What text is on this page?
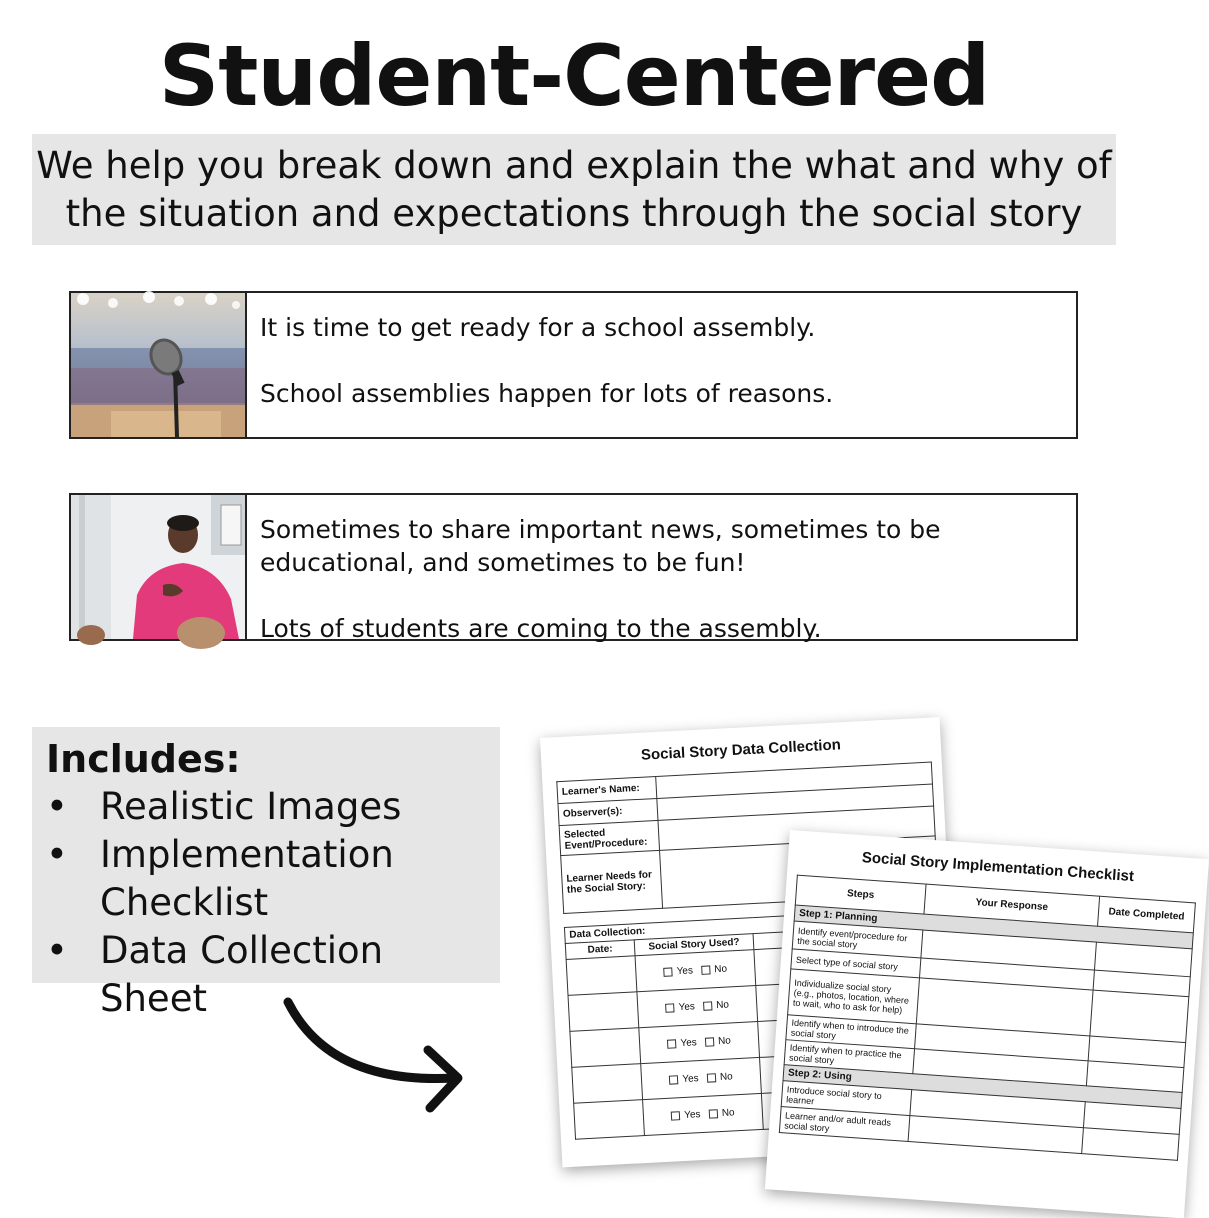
Student-Centered

We help you break down and explain the what and why of
the situation and expectations through the social story

It is time to get ready for a school assembly.

School assemblies happen for lots of reasons.

Sometimes to share important news, sometimes to be educational, and sometimes to be fun!

Lots of students are coming to the assembly.

Includes:
• Realistic Images
• Implementation Checklist
• Data Collection Sheet
Social Story Data Collection
Learner's Name:	
Observer(s):	
Selected Event/Procedure:	
Learner Needs for the Social Story:	
Data Collection:		
Date:	Social Story Used?	
	Yes No	
	Yes No	
	Yes No	
	Yes No	
	Yes No	
Social Story Implementation Checklist
Steps	Your Response	Date Completed
Step 1: Planning		
Identify event/procedure for the social story		
Select type of social story		
Individualize social story (e.g., photos, location, where to wait, who to ask for help)		
Identify when to introduce the social story		
Identify when to practice the social story		
Step 2: Using		
Introduce social story to learner		
Learner and/or adult reads social story		
